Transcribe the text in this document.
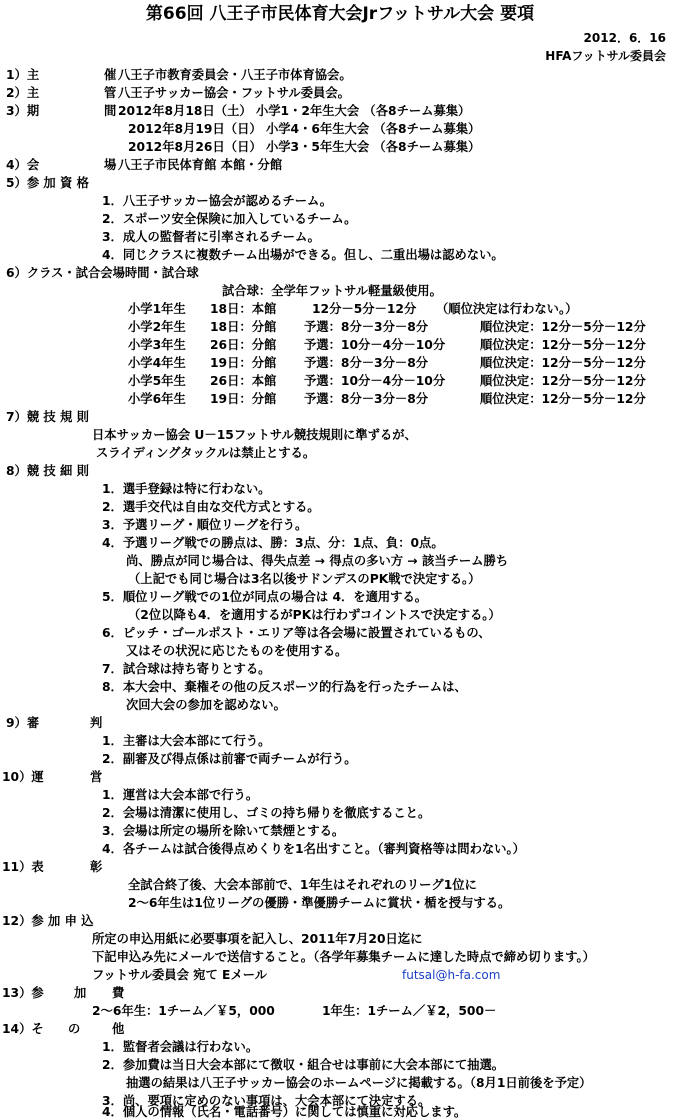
第66回 八王子市民体育大会Jrフットサル大会 要項
2012．6．16
HFAフットサル委員会
1）主	催 八王子市教育委員会・八王子市体育協会。
2）主	管 八王子サッカー協会・フットサル委員会。
3）期	間 2012年8月18日（土） 小学1・2年生大会 （各8チーム募集）
2012年8月19日（日） 小学4・6年生大会 （各8チーム募集）
2012年8月26日（日） 小学3・5年生大会 （各8チーム募集）
4）会	場 八王子市民体育館 本館・分館
5）参 加 資 格
1．八王子サッカー協会が認めるチーム。
2．スポーツ安全保険に加入しているチーム。
3．成人の監督者に引率されるチーム。
4．同じクラスに複数チーム出場ができる。但し、二重出場は認めない。
6）クラス・試合会場時間・試合球
試合球：全学年フットサル軽量級使用。
小学1年生 18日：本館	12分－5分－12分 （順位決定は行わない。）
小学2年生 18日：分館 予選：8分－3分－8分	順位決定：12分－5分－12分
小学3年生 26日：分館 予選：10分－4分－10分	順位決定：12分－5分－12分
小学4年生 19日：分館 予選：8分－3分－8分	順位決定：12分－5分－12分
小学5年生 26日：本館 予選：10分－4分－10分	順位決定：12分－5分－12分
小学6年生 19日：分館 予選：8分－3分－8分	順位決定：12分－5分－12分
7）競 技 規 則
日本サッカー協会 U－15フットサル競技規則に準ずるが、
スライディングタックルは禁止とする。
8）競 技 細 則
1．選手登録は特に行わない。
2．選手交代は自由な交代方式とする。
3．予選リーグ・順位リーグを行う。
4．予選リーグ戦での勝点は、勝：3点、分：1点、負：0点。
尚、勝点が同じ場合は、得失点差 → 得点の多い方 → 該当チーム勝ち
（上記でも同じ場合は3名以後サドンデスのPK戦で決定する。）
5．順位リーグ戦での1位が同点の場合は 4．を適用する。
（2位以降も4．を適用するがPKは行わずコイントスで決定する。）
6．ピッチ・ゴールポスト・エリア等は各会場に設置されているもの、
又はその状況に応じたものを使用する。
7．試合球は持ち寄りとする。
8．本大会中、棄権その他の反スポーツ的行為を行ったチームは、
次回大会の参加を認めない。
9）審	判
1．主審は大会本部にて行う。
2．副審及び得点係は前審で両チームが行う。
10）運	営
1．運営は大会本部で行う。
2．会場は清潔に使用し、ゴミの持ち帰りを徹底すること。
3．会場は所定の場所を除いて禁煙とする。
4．各チームは試合後得点めくりを1名出すこと。（審判資格等は問わない。）
11）表	彰
全試合終了後、大会本部前で、1年生はそれぞれのリーグ1位に
2～6年生は1位リーグの優勝・準優勝チームに賞状・楯を授与する。
12）参 加 申 込
所定の申込用紙に必要事項を記入し、2011年7月20日迄に
下記申込み先にメールで送信すること。（各学年募集チームに達した時点で締め切ります。）
フットサル委員会 宛て Eメール	futsal@h-fa.com
13）参 加 費
2～6年生：1チーム／￥5，000	1年生：1チーム／￥2，500－
14）そ の	他
1．監督者会議は行わない。
2．参加費は当日大会本部にて徴収・組合せは事前に大会本部にて抽選。
抽選の結果は八王子サッカー協会のホームページに掲載する。（8月1日前後を予定）
3．尚、要項に定めのない事項は、大会本部にて決定する。
4．個人の情報（氏名・電話番号）に関しては慎重に対応します。
